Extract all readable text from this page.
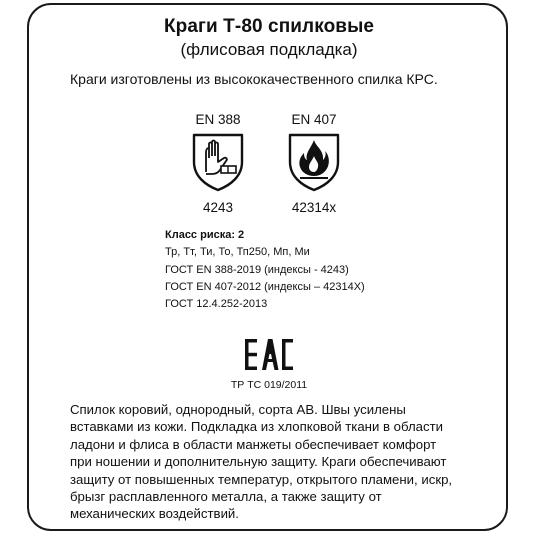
Краги Т-80 спилковые
(флисовая подкладка)
Краги изготовлены из высококачественного спилка КРС.
EN 388
4243
EN 407
42314x
Класс риска: 2
Тр, Тт, Ти, То, Тп250, Мп, Ми
ГОСТ EN 388-2019 (индексы - 4243)
ГОСТ EN 407-2012 (индексы – 42314Х)
ГОСТ 12.4.252-2013
ТР ТС 019/2011
Спилок коровий, однородный, сорта АВ. Швы усилены
вставками из кожи. Подкладка из хлопковой ткани в области
ладони и флиса в области манжеты обеспечивает комфорт
при ношении и дополнительную защиту. Краги обеспечивают
защиту от повышенных температур, открытого пламени, искр,
брызг расплавленного металла, а также защиту от
механических воздействий.
